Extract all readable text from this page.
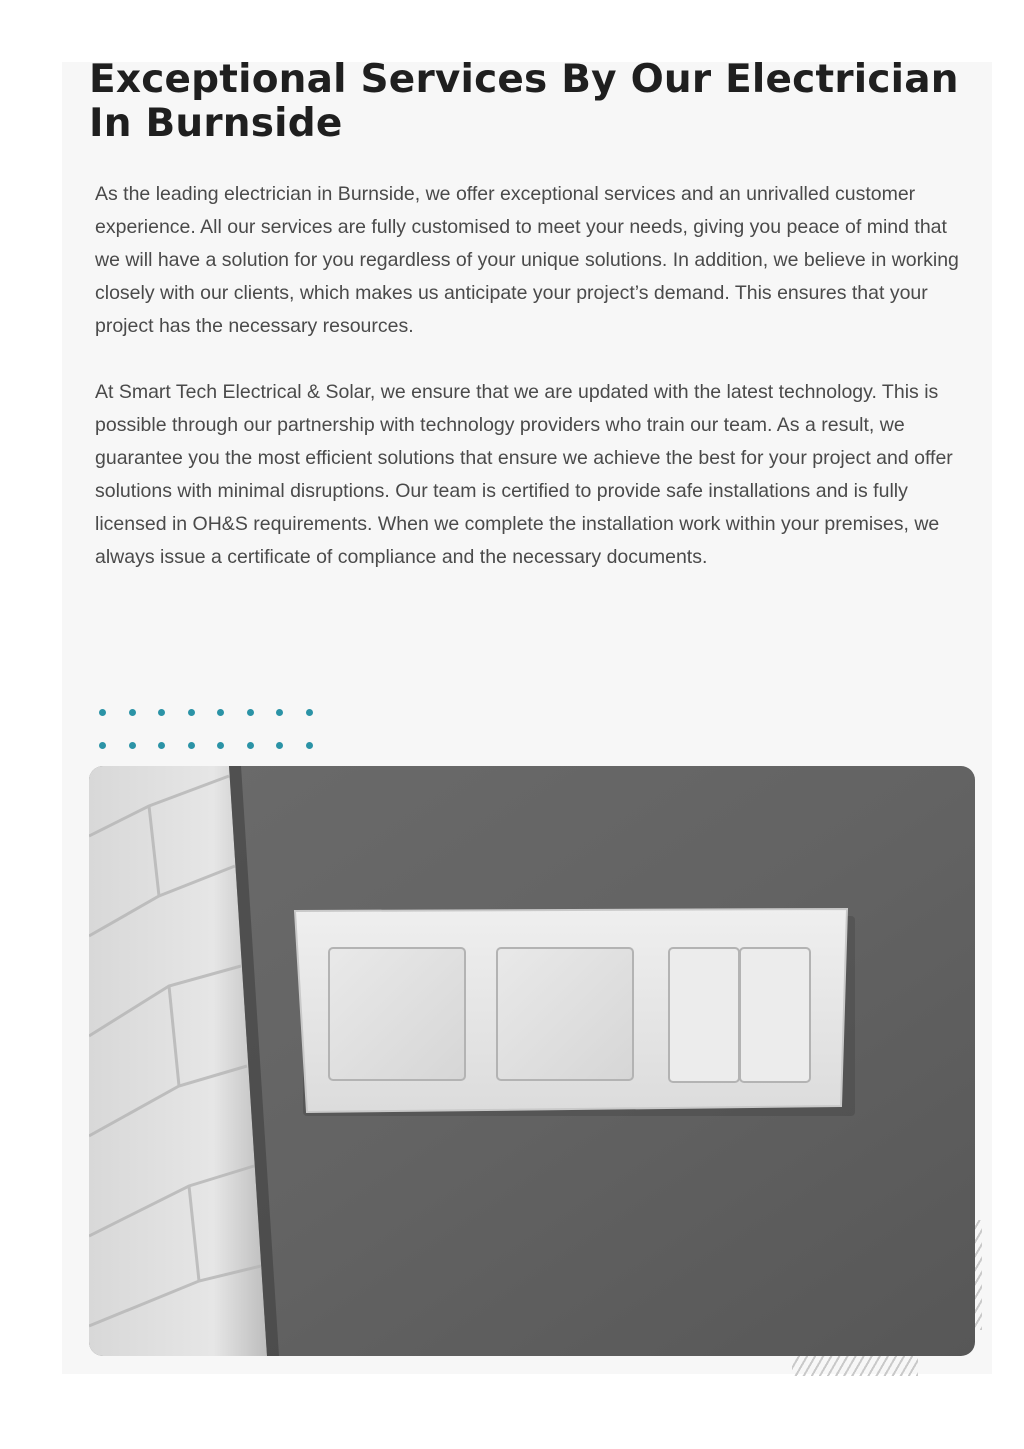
Exceptional Services By Our Electrician In Burnside

As the leading electrician in Burnside, we offer exceptional services and an unrivalled customer experience. All our services are fully customised to meet your needs, giving you peace of mind that we will have a solution for you regardless of your unique solutions. In addition, we believe in working closely with our clients, which makes us anticipate your project’s demand. This ensures that your project has the necessary resources.

At Smart Tech Electrical & Solar, we ensure that we are updated with the latest technology. This is possible through our partnership with technology providers who train our team. As a result, we guarantee you the most efficient solutions that ensure we achieve the best for your project and offer solutions with minimal disruptions. Our team is certified to provide safe installations and is fully licensed in OH&S requirements. When we complete the installation work within your premises, we always issue a certificate of compliance and the necessary documents.
